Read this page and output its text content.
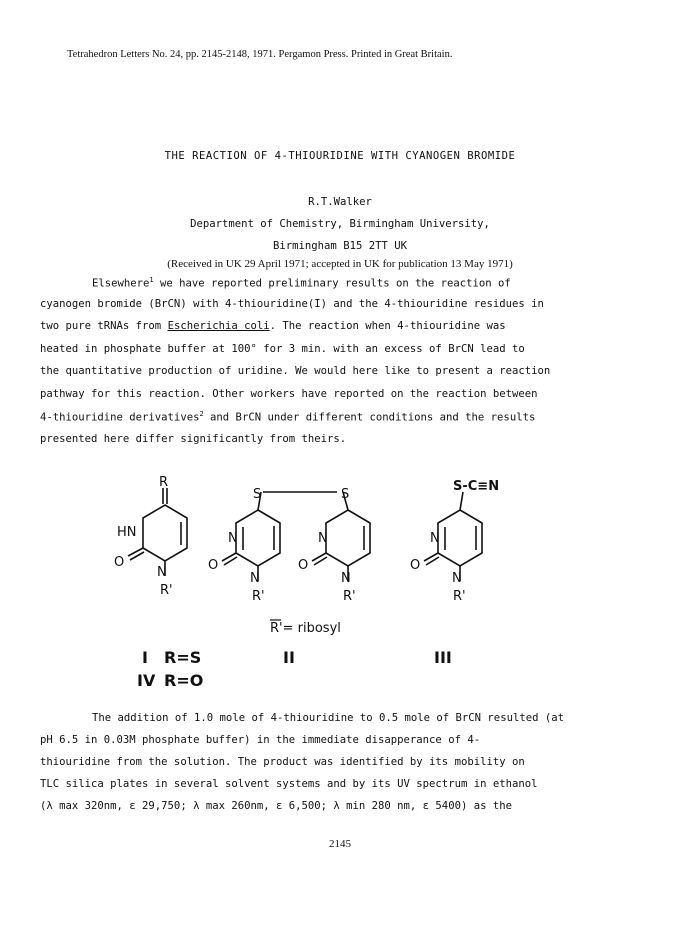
Tetrahedron Letters No. 24, pp. 2145-2148, 1971. Pergamon Press. Printed in Great Britain.
THE REACTION OF 4-THIOURIDINE WITH CYANOGEN BROMIDE
R.T.Walker
Department of Chemistry, Birmingham University,
Birmingham B15 2TT UK
(Received in UK 29 April 1971; accepted in UK for publication 13 May 1971)
Elsewhere$^1$ we have reported preliminary results on the reaction of
cyanogen bromide (BrCN) with 4-thiouridine(I) and the 4-thiouridine residues in
two pure tRNAs from Escherichia coli. The reaction when 4-thiouridine was
heated in phosphate buffer at 100° for 3 min. with an excess of BrCN lead to
the quantitative production of uridine. We would here like to present a reaction
pathway for this reaction. Other workers have reported on the reaction between
4-thiouridine derivatives$^2$ and BrCN under different conditions and the results
presented here differ significantly from theirs.
R
HN
O
N
R'
S
N
O
N
R'
S
N
O
N
R'
S-C≡N
N
O
N
R'
R'= ribosyl
I R=S	II	III
IV R=O
The addition of 1.0 mole of 4-thiouridine to 0.5 mole of BrCN resulted (at
pH 6.5 in 0.03M phosphate buffer) in the immediate disapperance of 4-
thiouridine from the solution. The product was identified by its mobility on
TLC silica plates in several solvent systems and by its UV spectrum in ethanol
(λ max 320nm, ε 29,750; λ max 260nm, ε 6,500; λ min 280 nm, ε 5400) as the
2145
